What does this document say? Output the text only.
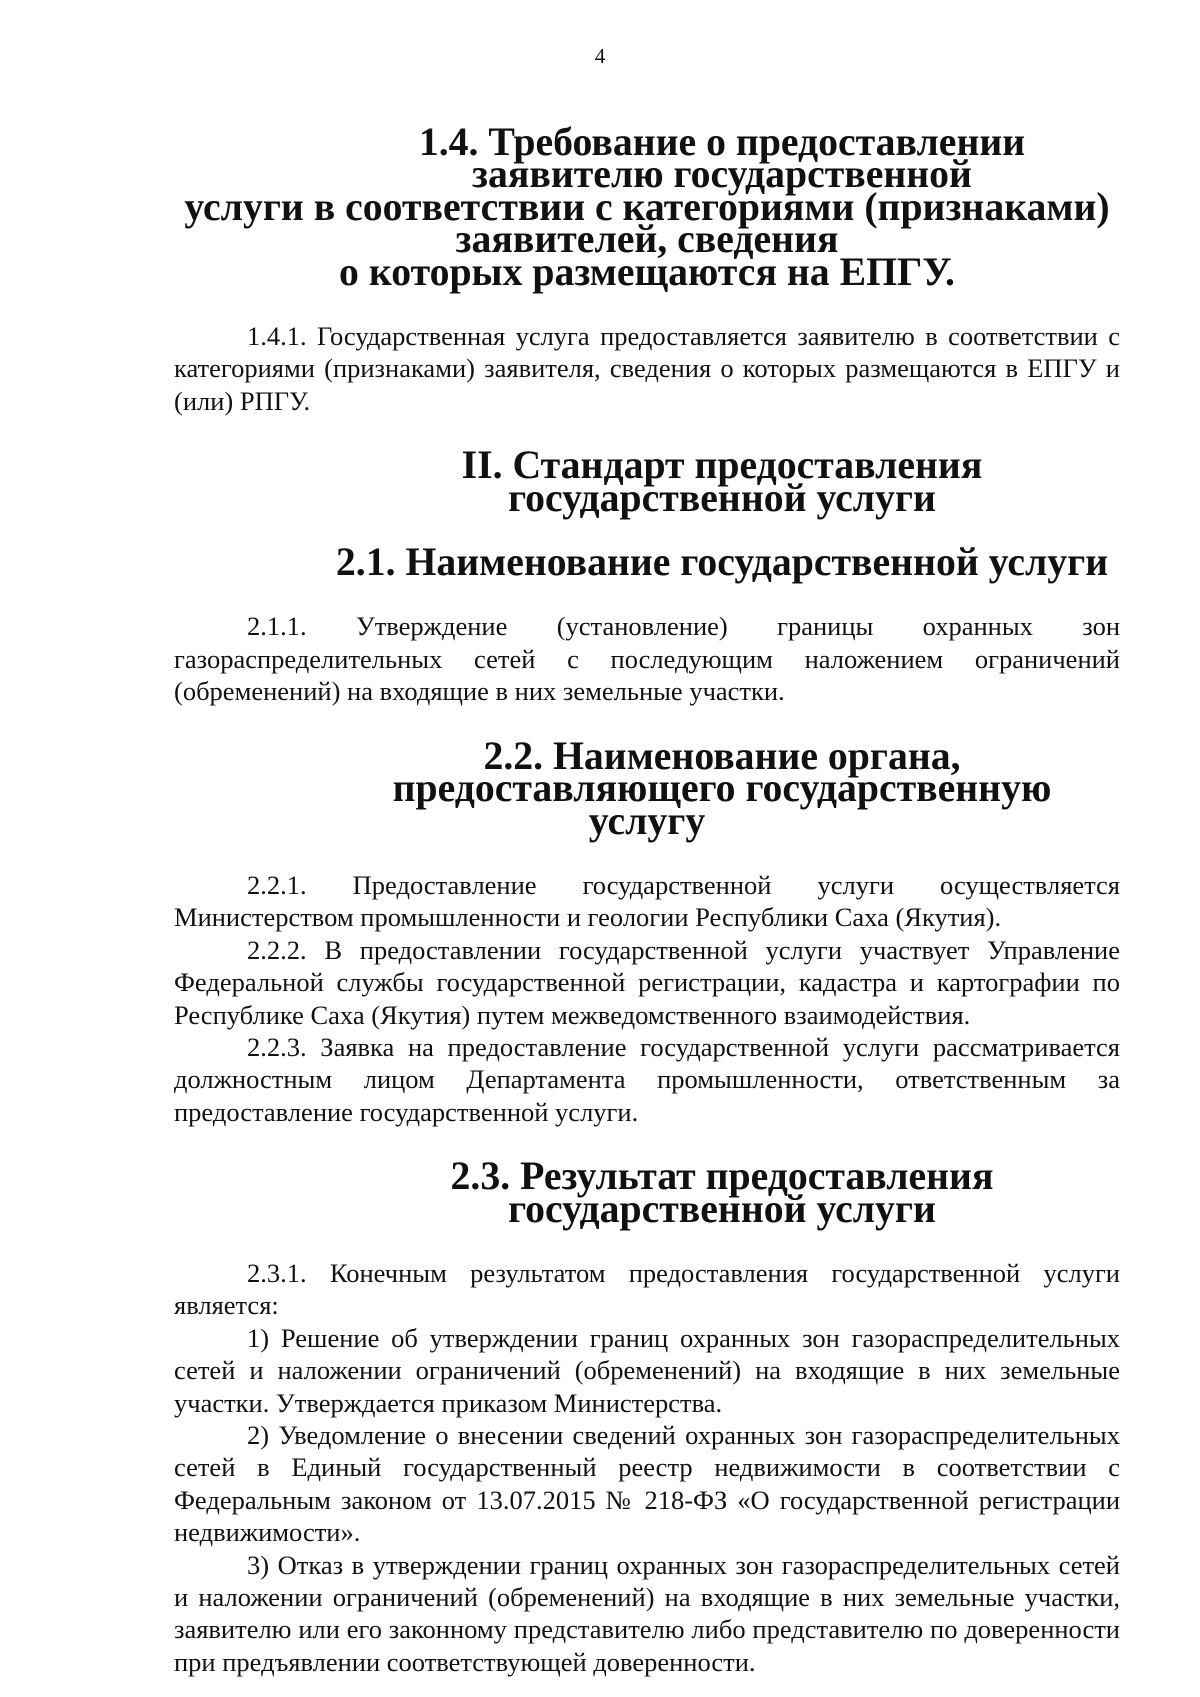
4
1.4. Требование о предоставлении заявителю государственной
услуги в соответствии с категориями (признаками) заявителей, сведения
о которых размещаются на ЕПГУ.

1.4.1. Государственная услуга предоставляется заявителю в соответствии с категориями (признаками) заявителя, сведения о которых размещаются в ЕПГУ и (или) РПГУ.

II. Стандарт предоставления государственной услуги
2.1. Наименование государственной услуги

2.1.1. Утверждение (установление) границы охранных зон газораспределительных сетей с последующим наложением ограничений (обременений) на входящие в них земельные участки.

2.2. Наименование органа, предоставляющего государственную
услугу

2.2.1. Предоставление государственной услуги осуществляется Министерством промышленности и геологии Республики Саха (Якутия).

2.2.2. В предоставлении государственной услуги участвует Управление Федеральной службы государственной регистрации, кадастра и картографии по Республике Саха (Якутия) путем межведомственного взаимодействия.

2.2.3. Заявка на предоставление государственной услуги рассматривается должностным лицом Департамента промышленности, ответственным за предоставление государственной услуги.

2.3. Результат предоставления государственной услуги

2.3.1. Конечным результатом предоставления государственной услуги является:

1) Решение об утверждении границ охранных зон газораспределительных сетей и наложении ограничений (обременений) на входящие в них земельные участки. Утверждается приказом Министерства.

2) Уведомление о внесении сведений охранных зон газораспределительных сетей в Единый государственный реестр недвижимости в соответствии с Федеральным законом от 13.07.2015 № 218-ФЗ «О государственной регистрации недвижимости».

3) Отказ в утверждении границ охранных зон газораспределительных сетей и наложении ограничений (обременений) на входящие в них земельные участки, заявителю или его законному представителю либо представителю по доверенности при предъявлении соответствующей доверенности.
